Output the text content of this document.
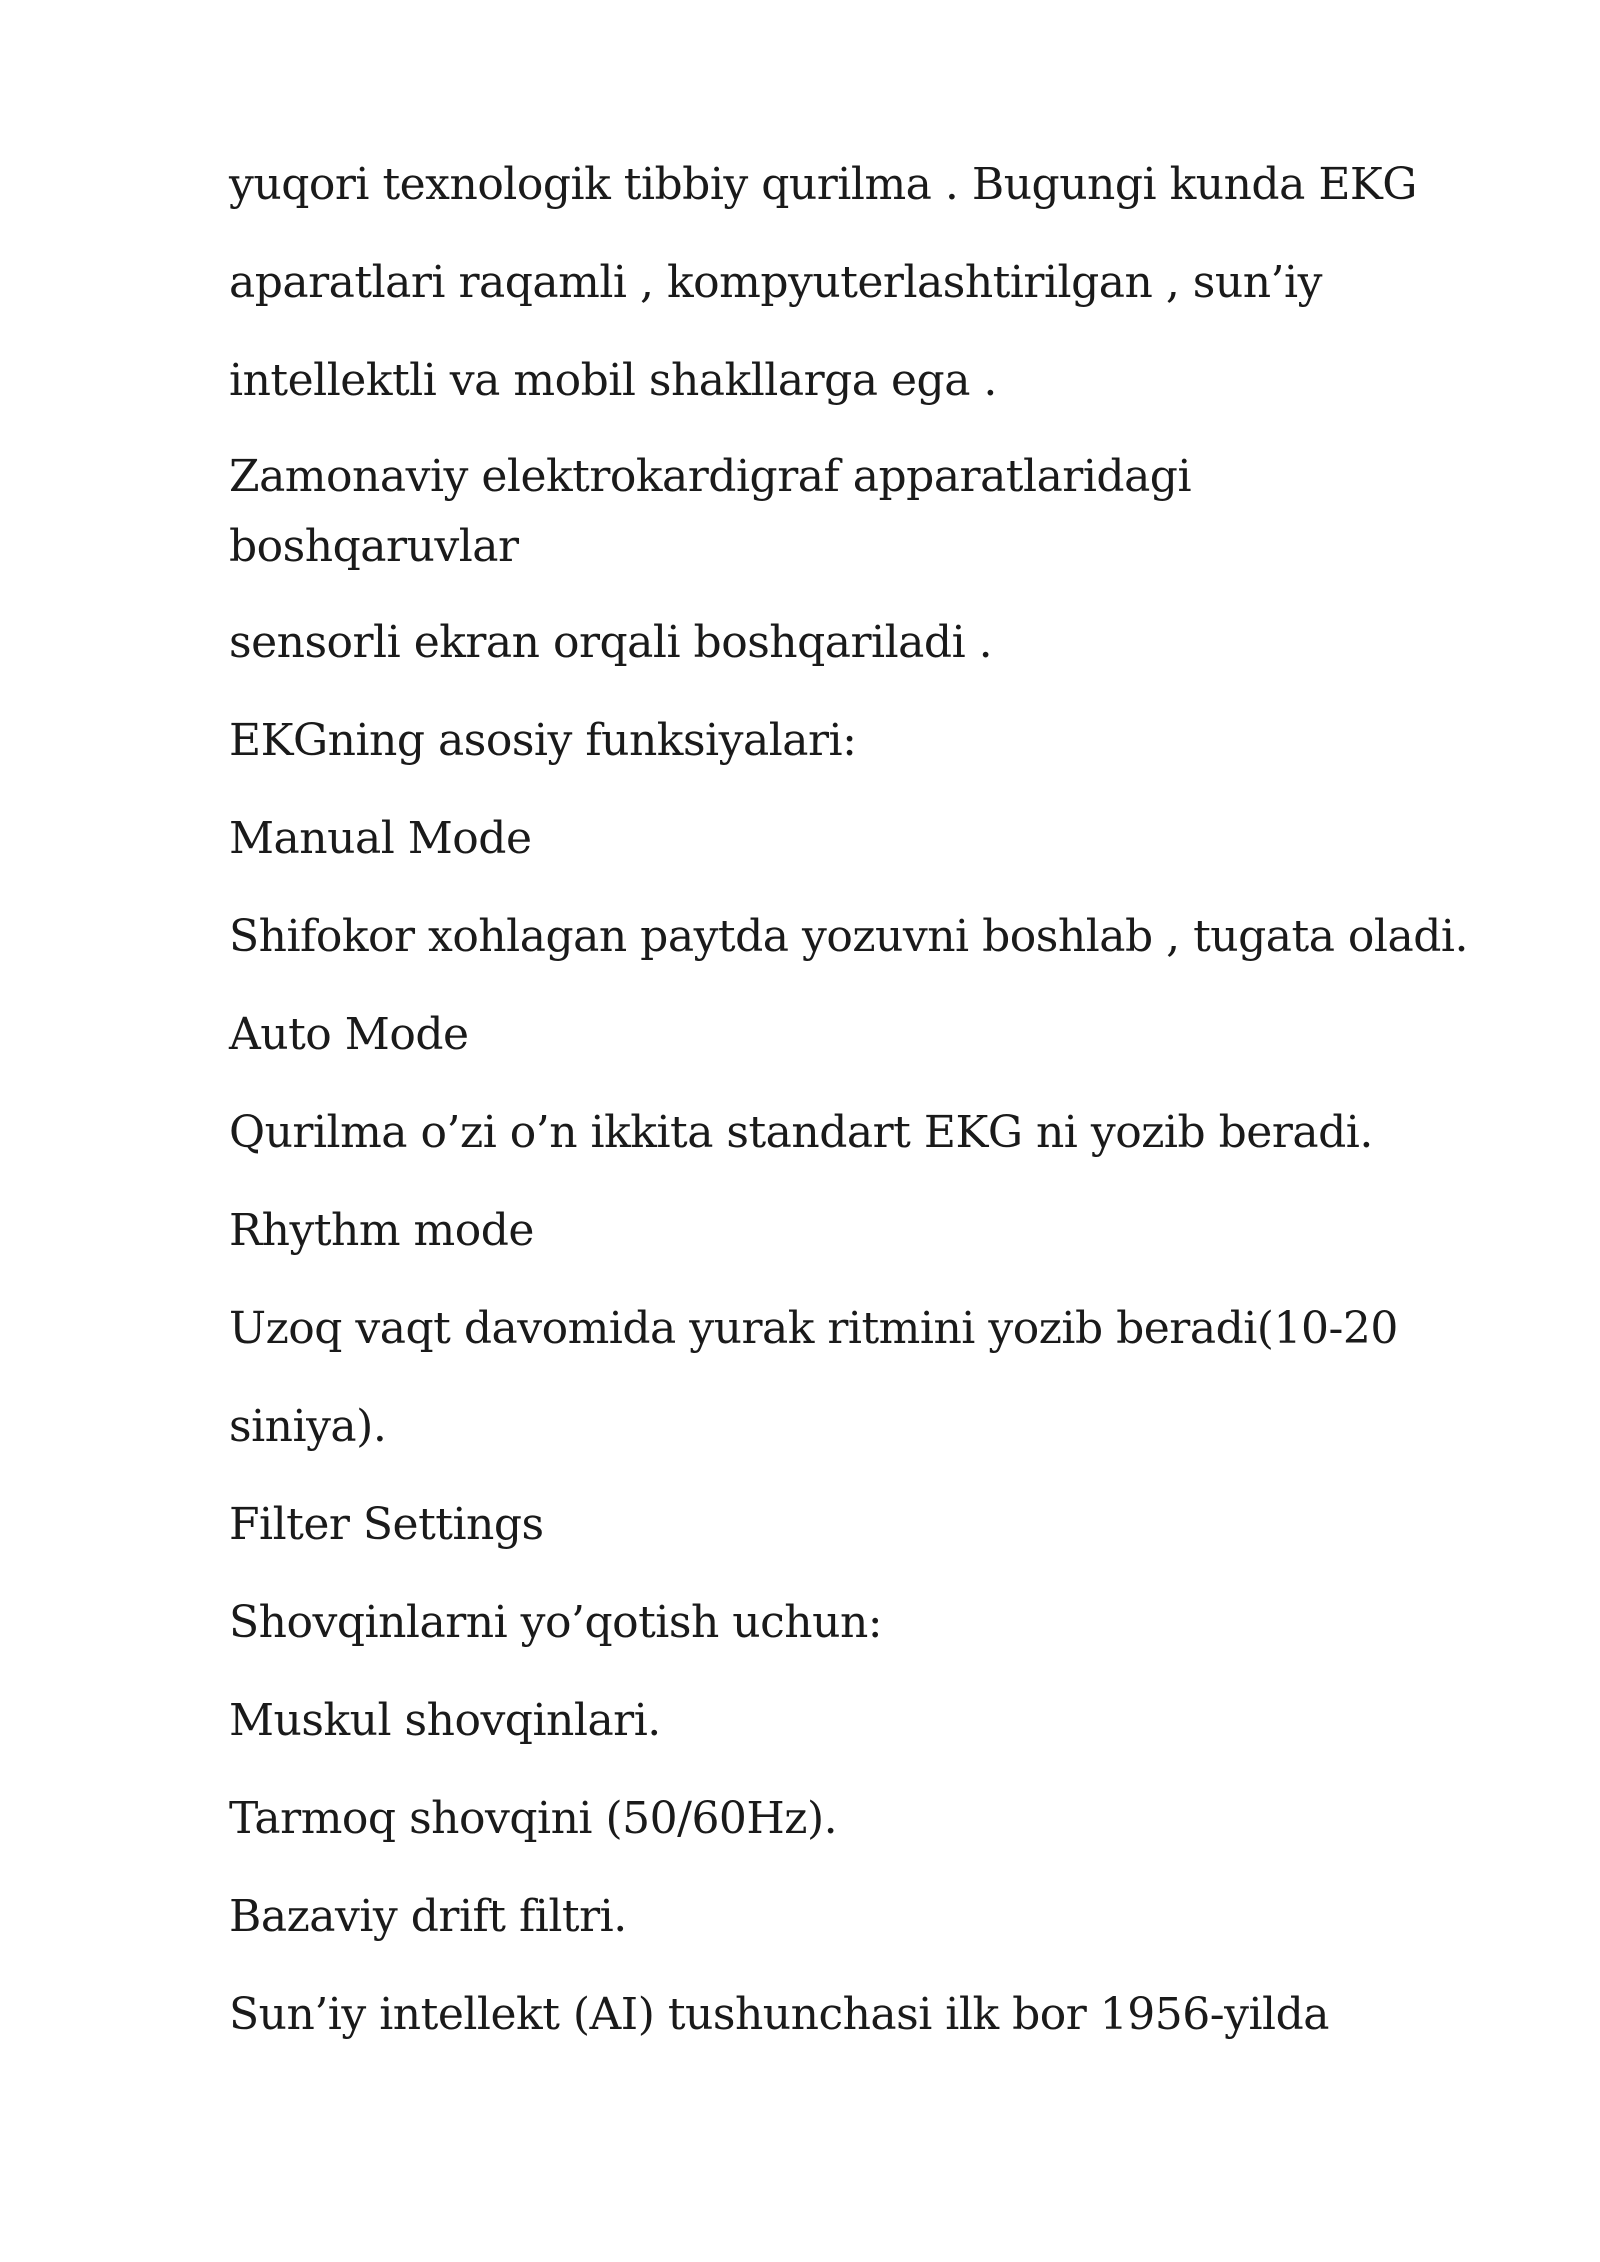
yuqori texnologik tibbiy qurilma . Bugungi kunda EKG

aparatlari raqamli , kompyuterlashtirilgan , sun’iy

intellektli va mobil shakllarga ega .

Zamonaviy elektrokardigraf apparatlaridagi

boshqaruvlar

sensorli ekran orqali boshqariladi .

EKGning asosiy funksiyalari:

Manual Mode

Shifokor xohlagan paytda yozuvni boshlab , tugata oladi.

Auto Mode

Qurilma o’zi o’n ikkita standart EKG ni yozib beradi.

Rhythm mode

Uzoq vaqt davomida yurak ritmini yozib beradi(10-20

siniya).

Filter Settings

Shovqinlarni yo’qotish uchun:

Muskul shovqinlari.

Tarmoq shovqini (50/60Hz).

Bazaviy drift filtri.

Sun’iy intellekt (AI) tushunchasi ilk bor 1956-yilda
